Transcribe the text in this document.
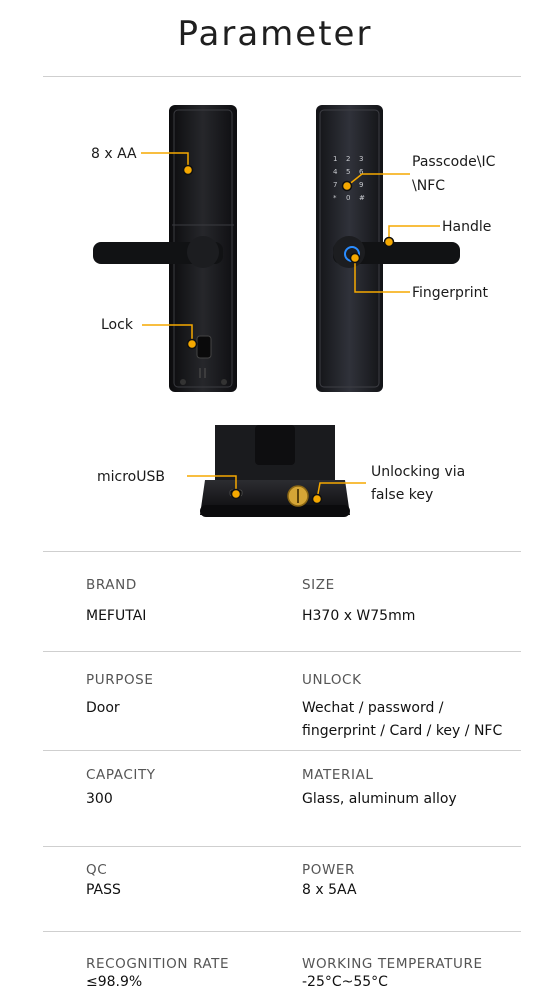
Parameter
1 2 3
4 5 6
7	9
0
*	#
8 x AA	Passcode\IC
\NFC
Handle
Fingerprint
Lock
microUSB	Unlocking via
false key
BRAND
MEFUTAI
SIZE
H370 x W75mm
PURPOSE
Door
UNLOCK
Wechat / password /
fingerprint / Card / key / NFC
CAPACITY
300
MATERIAL
Glass, aluminum alloy
QC
PASS
POWER
8 x 5AA
RECOGNITION RATE
≤98.9%
WORKING TEMPERATURE
-25°C~55°C
